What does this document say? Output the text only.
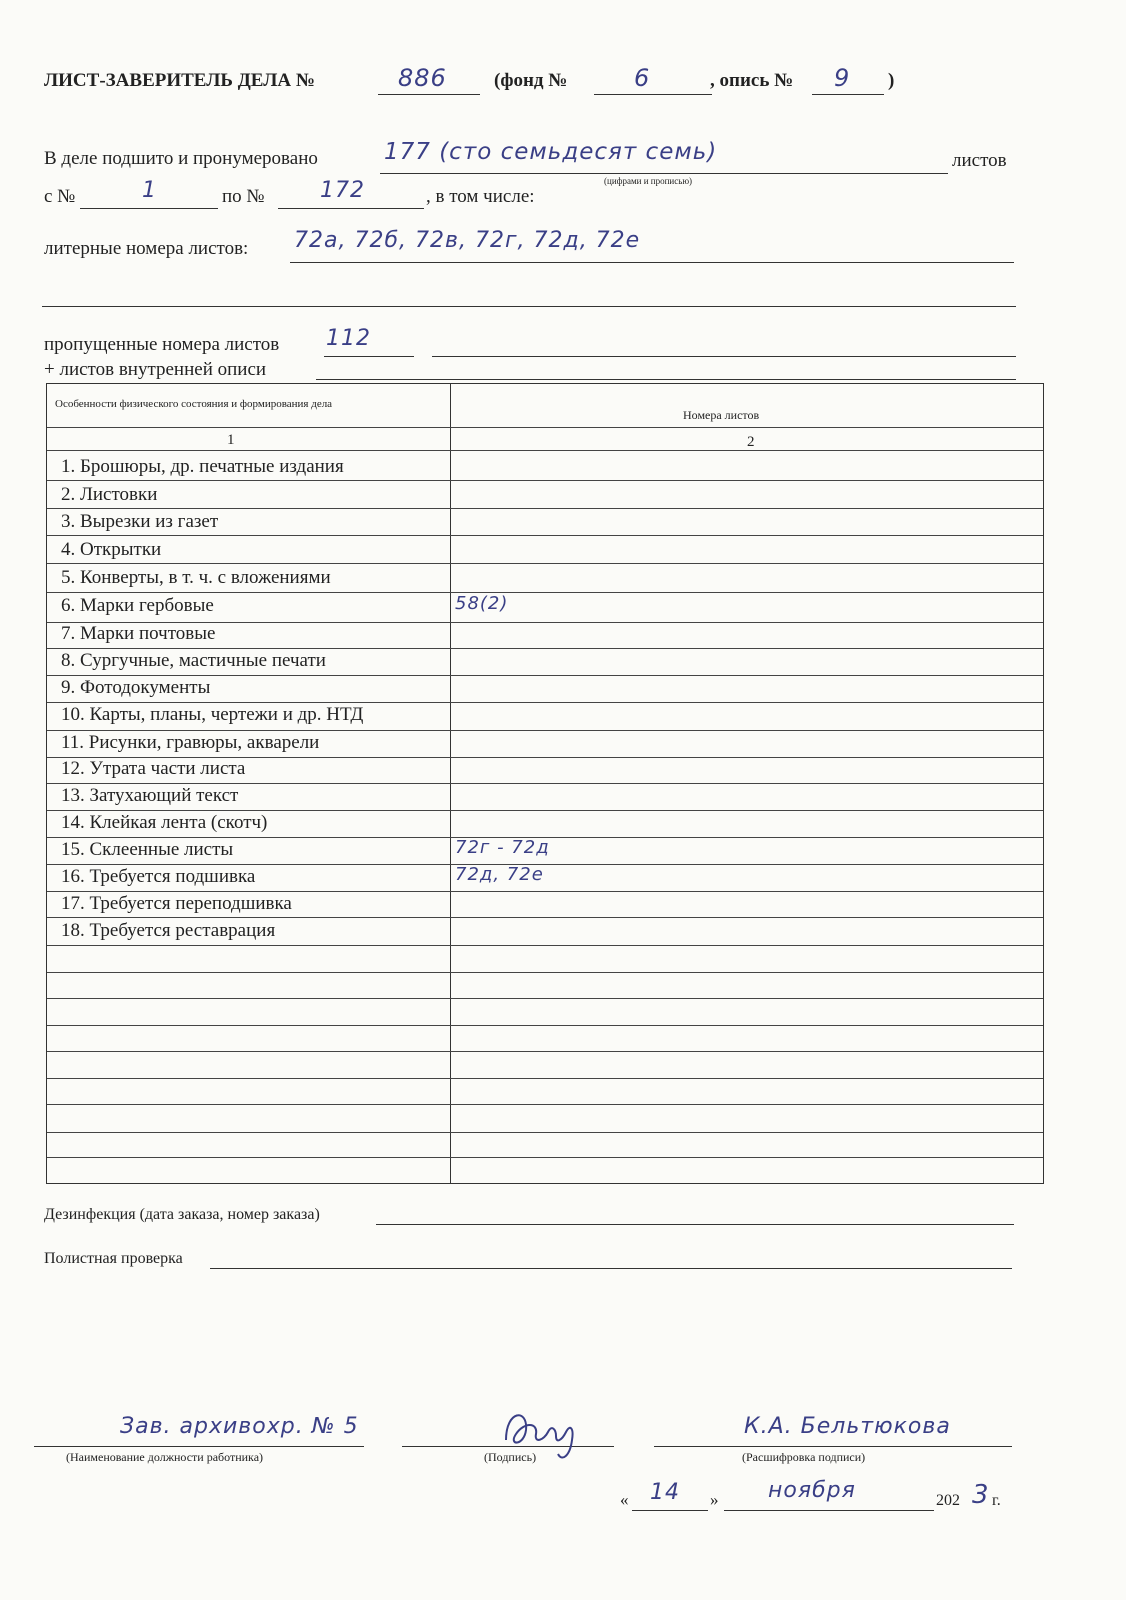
ЛИСТ-ЗАВЕРИТЕЛЬ ДЕЛА №	886 (фонд №	6	, опись № 9 )
В деле подшито и пронумеровано	177 (сто семьдесят семь)	листов
(цифрами и прописью)
с №	1	по №	172	, в том числе:
литерные номера листов: 72а, 72б, 72в, 72г, 72д, 72е
пропущенные номера листов 112
+ листов внутренней описи
Особенности физического состояния и формирования дела
Номера листов
1	2
1. Брошюры, др. печатные издания
2. Листовки
3. Вырезки из газет
4. Открытки
5. Конверты, в т. ч. с вложениями
6. Марки гербовые	58(2)
7. Марки почтовые
8. Сургучные, мастичные печати
9. Фотодокументы
10. Карты, планы, чертежи и др. НТД
11. Рисунки, гравюры, акварели
12. Утрата части листа
13. Затухающий текст
14. Клейкая лента (скотч)
15. Склеенные листы	72г - 72д
16. Требуется подшивка	72д, 72е
17. Требуется переподшивка
18. Требуется реставрация
Дезинфекция (дата заказа, номер заказа)
Полистная проверка
Зав. архивохр. № 5
(Наименование должности работника)	(Подпись)
К.А. Бельтюкова
(Расшифровка подписи)
« 14 » ноября	202 3 г.
